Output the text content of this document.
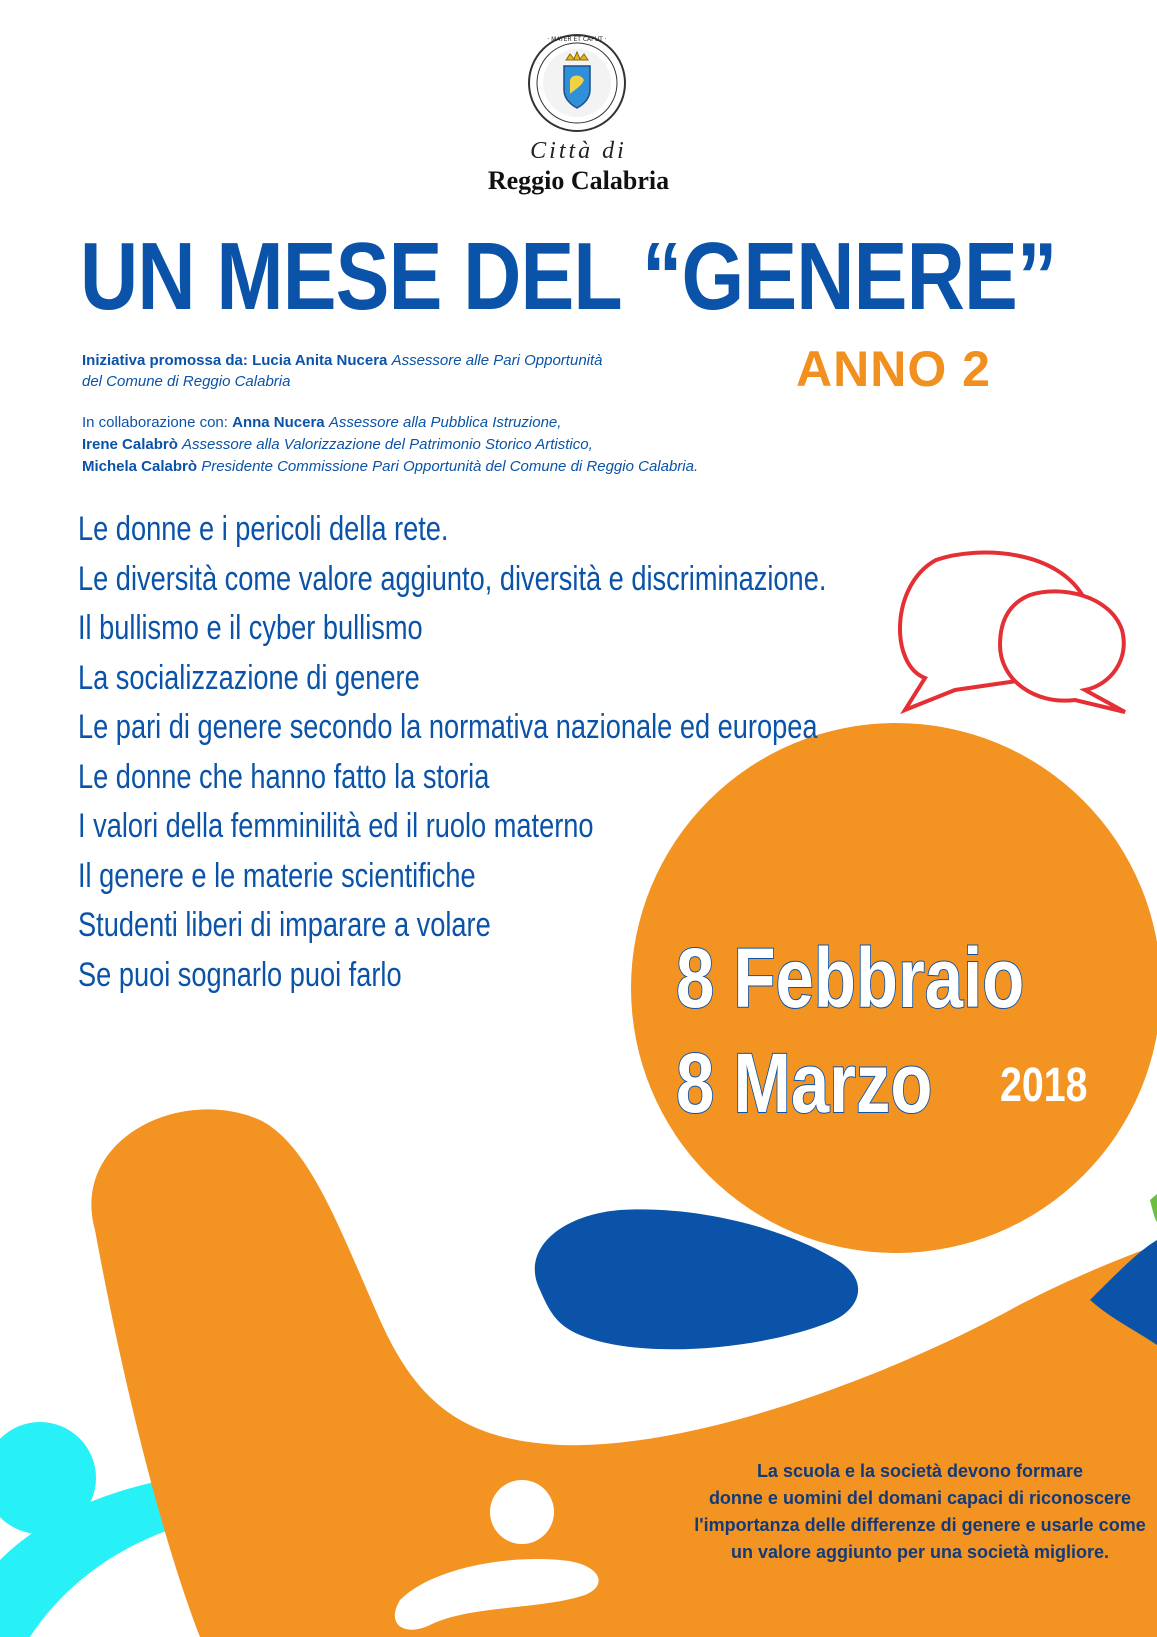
· MATER ET CAPUT ·
Città di
Reggio Calabria
UN MESE DEL “GENERE”
ANNO 2
Iniziativa promossa da: Lucia Anita Nucera Assessore alle Pari Opportunità
del Comune di Reggio Calabria
In collaborazione con: Anna Nucera Assessore alla Pubblica Istruzione,
Irene Calabrò Assessore alla Valorizzazione del Patrimonio Storico Artistico,
Michela Calabrò Presidente Commissione Pari Opportunità del Comune di Reggio Calabria.
Le donne e i pericoli della rete.
Le diversità come valore aggiunto, diversità e discriminazione.
Il bullismo e il cyber bullismo
La socializzazione di genere
Le pari di genere secondo la normativa nazionale ed europea
Le donne che hanno fatto la storia
I valori della femminilità ed il ruolo materno
Il genere e le materie scientifiche
Studenti liberi di imparare a volare
Se puoi sognarlo puoi farlo	8 Febbraio
8 Marzo 2018
La scuola e la società devono formare
donne e uomini del domani capaci di riconoscere
l'importanza delle differenze di genere e usarle come
un valore aggiunto per una società migliore.
